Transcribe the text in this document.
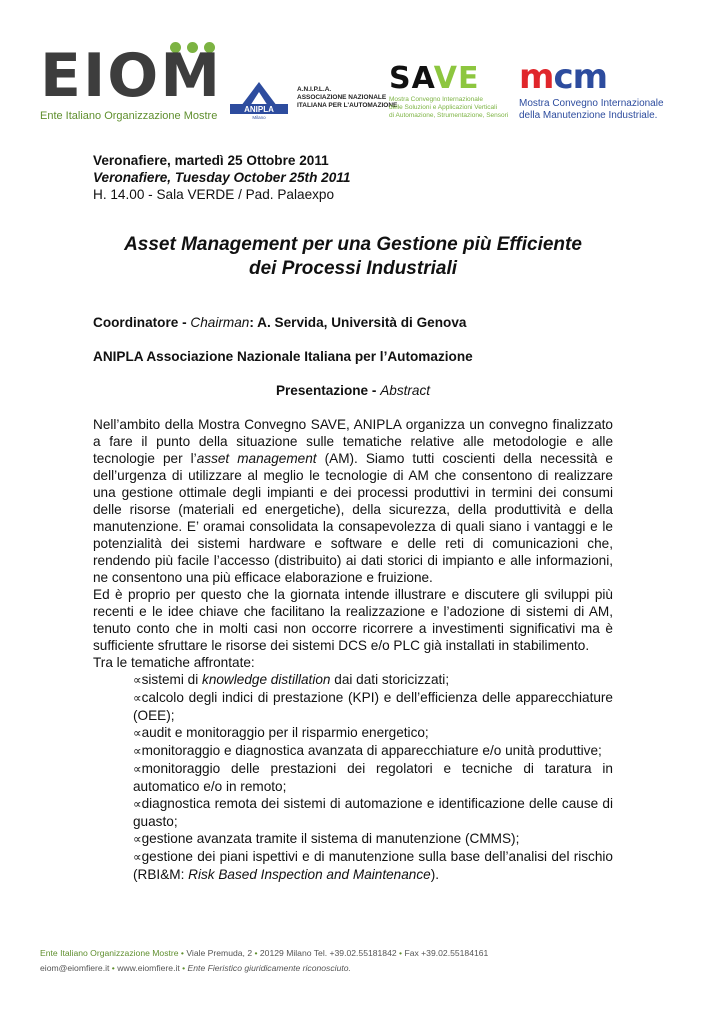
EIOM
Ente Italiano Organizzazione Mostre
ANIPLA
Milano
A.N.I.P.L.A.
ASSOCIAZIONE NAZIONALE
ITALIANA PER L'AUTOMAZIONE
SAVE
Mostra Convegno Internazionale
delle Soluzioni e Applicazioni Verticali
di Automazione, Strumentazione, Sensori
mcm
Mostra Convegno Internazionale
della Manutenzione Industriale.
Veronafiere, martedì 25 Ottobre 2011
Veronafiere, Tuesday October 25th 2011
H. 14.00 - Sala VERDE / Pad. Palaexpo
Asset Management per una Gestione più Efficiente
dei Processi Industriali
Coordinatore - Chairman: A. Servida, Università di Genova
ANIPLA Associazione Nazionale Italiana per l’Automazione
Presentazione - Abstract
Nell’ambito della Mostra Convegno SAVE, ANIPLA organizza un convegno finalizzato a fare il punto della situazione sulle tematiche relative alle metodologie e alle tecnologie per l’asset management (AM). Siamo tutti coscienti della necessità e dell’urgenza di utilizzare al meglio le tecnologie di AM che consentono di realizzare una gestione ottimale degli impianti e dei processi produttivi in termini dei consumi delle risorse (materiali ed energetiche), della sicurezza, della produttività e della manutenzione. E’ oramai consolidata la consapevolezza di quali siano i vantaggi e le potenzialità dei sistemi hardware e software e delle reti di comunicazioni che, rendendo più facile l’accesso (distribuito) ai dati storici di impianto e alle informazioni, ne consentono una più efficace elaborazione e fruizione.
Ed è proprio per questo che la giornata intende illustrare e discutere gli sviluppi più recenti e le idee chiave che facilitano la realizzazione e l’adozione di sistemi di AM, tenuto conto che in molti casi non occorre ricorrere a investimenti significativi ma è sufficiente sfruttare le risorse dei sistemi DCS e/o PLC già installati in stabilimento.
Tra le tematiche affrontate:
∝sistemi di knowledge distillation dai dati storicizzati;
∝calcolo degli indici di prestazione (KPI) e dell’efficienza delle apparecchiature (OEE);
∝audit e monitoraggio per il risparmio energetico;
∝monitoraggio e diagnostica avanzata di apparecchiature e/o unità produttive;
∝monitoraggio delle prestazioni dei regolatori e tecniche di taratura in automatico e/o in remoto;
∝diagnostica remota dei sistemi di automazione e identificazione delle cause di guasto;
∝gestione avanzata tramite il sistema di manutenzione (CMMS);
∝gestione dei piani ispettivi e di manutenzione sulla base dell’analisi del rischio (RBI&M: Risk Based Inspection and Maintenance).
Ente Italiano Organizzazione Mostre • Viale Premuda, 2 • 20129 Milano Tel. +39.02.55181842 • Fax +39.02.55184161
eiom@eiomfiere.it • www.eiomfiere.it • Ente Fieristico giuridicamente riconosciuto.
